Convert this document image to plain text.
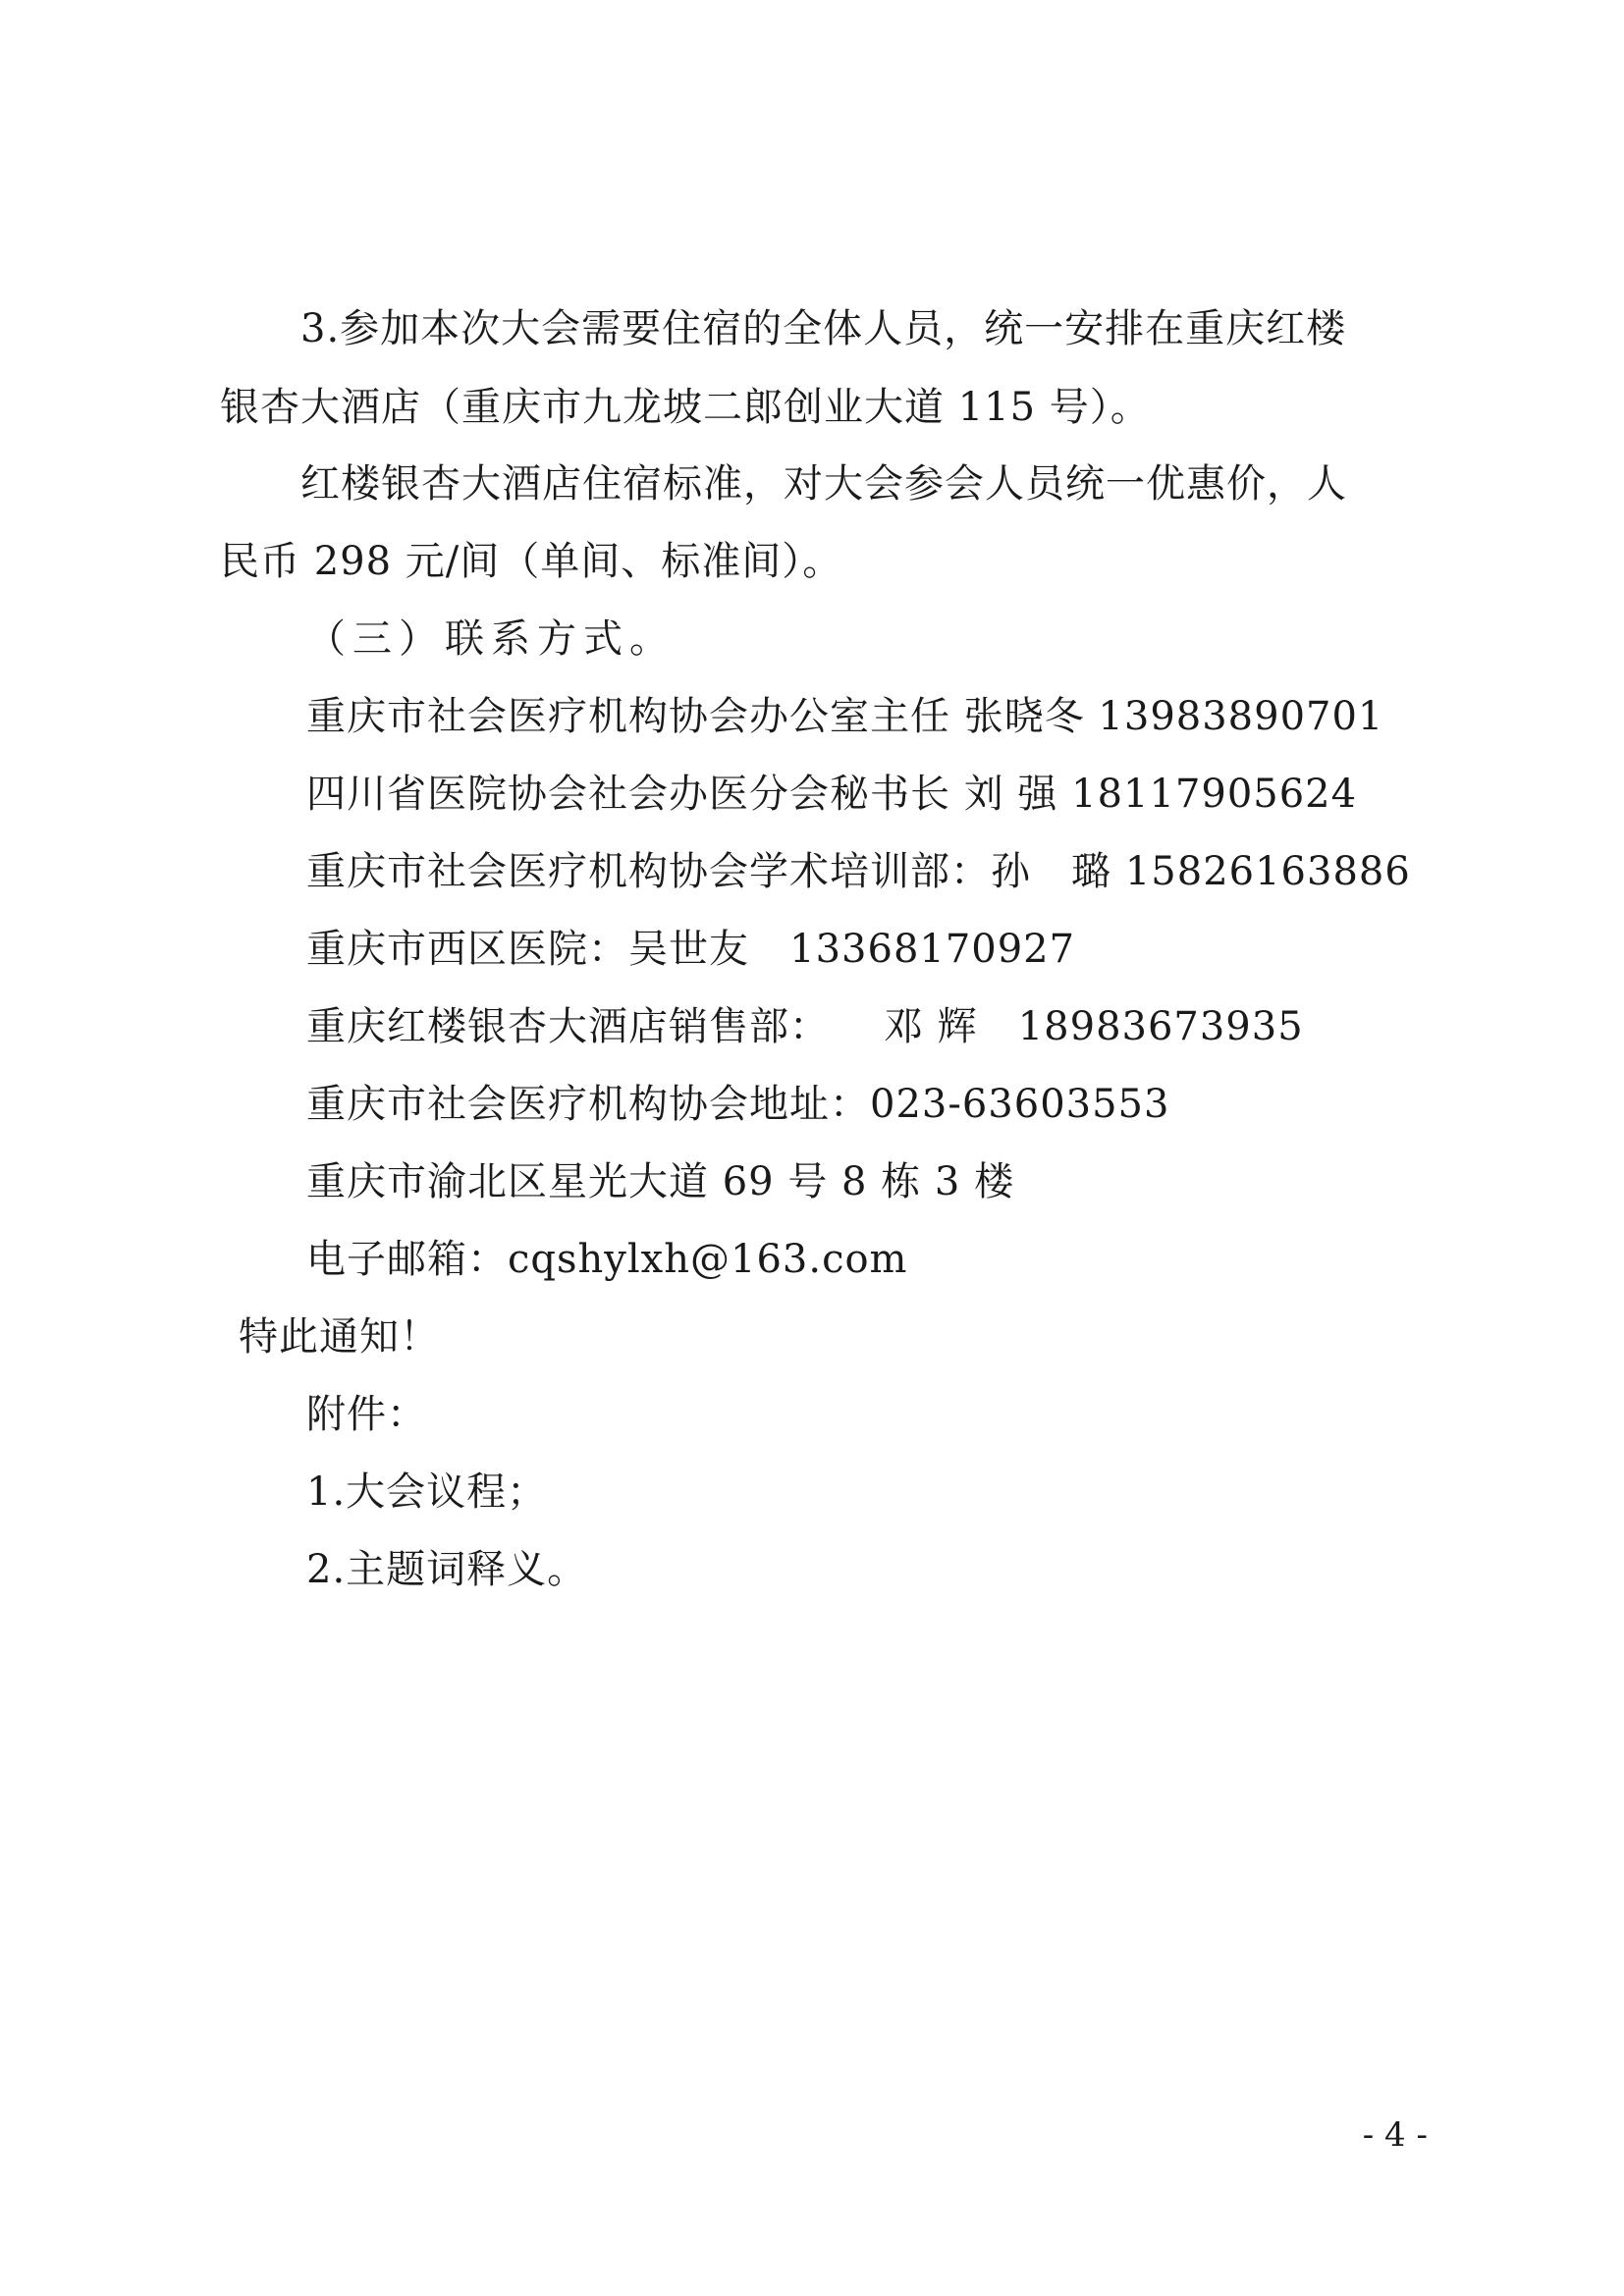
3.参加本次大会需要住宿的全体人员，统一安排在重庆红楼
银杏大酒店（重庆市九龙坡二郎创业大道 115 号）。
红楼银杏大酒店住宿标准，对大会参会人员统一优惠价，人
民币 298 元/间（单间、标准间）。
（三）联系方式。
重庆市社会医疗机构协会办公室主任 张晓冬 13983890701
四川省医院协会社会办医分会秘书长 刘 强 18117905624
重庆市社会医疗机构协会学术培训部：孙   璐 15826163886
重庆市西区医院：吴世友   13368170927
重庆红楼银杏大酒店销售部：    邓 辉   18983673935
重庆市社会医疗机构协会地址：023-63603553
重庆市渝北区星光大道 69 号 8 栋 3 楼
电子邮箱：cqshylxh@163.com
特此通知！
附件：
1.大会议程；
2.主题词释义。
- 4 -
